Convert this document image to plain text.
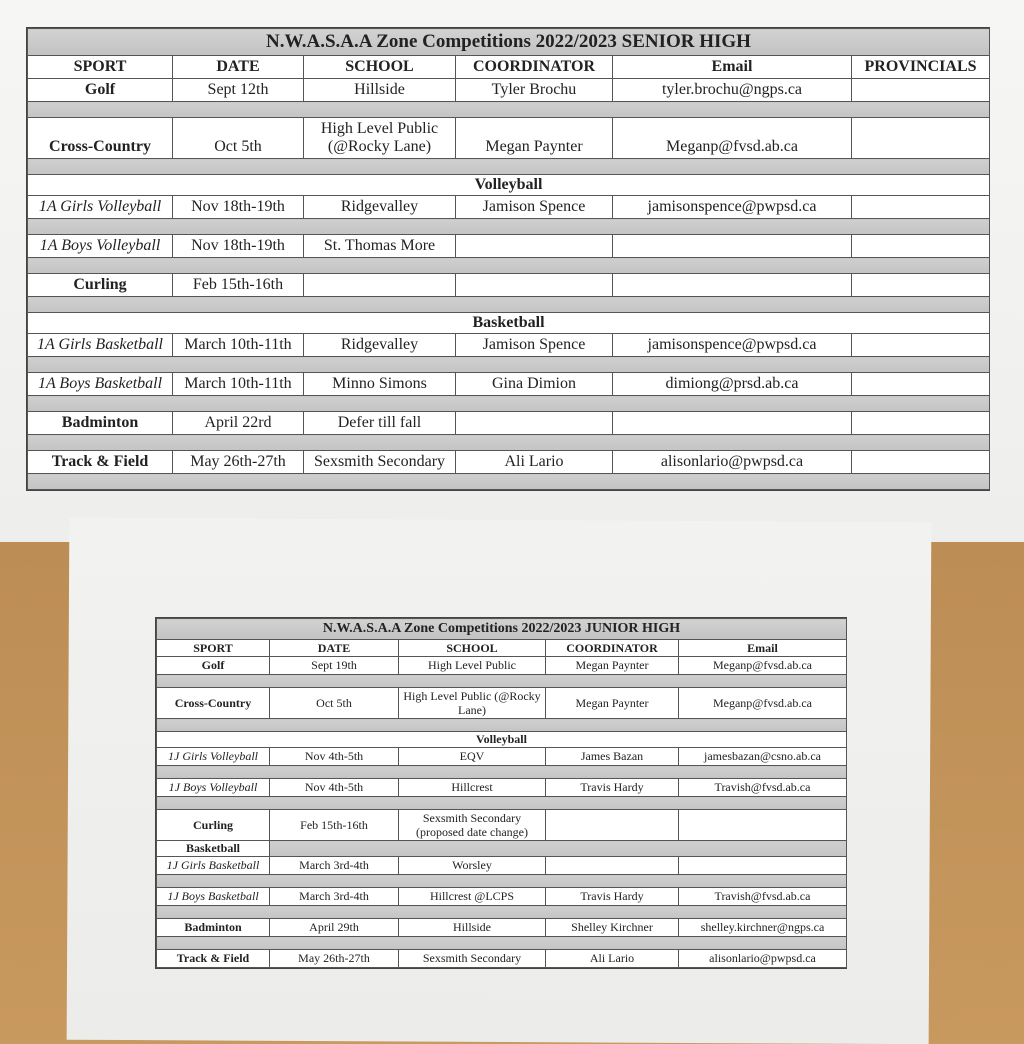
N.W.A.S.A.A Zone Competitions 2022/2023 SENIOR HIGH					
SPORT	DATE	SCHOOL	COORDINATOR	Email	PROVINCIALS
Golf	Sept 12th	Hillside	Tyler Brochu	tyler.brochu@ngps.ca	

Cross-Country	Oct 5th	High Level Public (@Rocky Lane)	Megan Paynter	Meganp@fvsd.ab.ca	

Volleyball					
1A Girls Volleyball	Nov 18th-19th	Ridgevalley	Jamison Spence	jamisonspence@pwpsd.ca	

1A Boys Volleyball	Nov 18th-19th	St. Thomas More			

Curling	Feb 15th-16th				

Basketball					
1A Girls Basketball	March 10th-11th	Ridgevalley	Jamison Spence	jamisonspence@pwpsd.ca	

1A Boys Basketball	March 10th-11th	Minno Simons	Gina Dimion	dimiong@prsd.ab.ca	

Badminton	April 22rd	Defer till fall			

Track & Field	May 26th-27th	Sexsmith Secondary	Ali Lario	alisonlario@pwpsd.ca	

N.W.A.S.A.A Zone Competitions 2022/2023 JUNIOR HIGH				
SPORT	DATE	SCHOOL	COORDINATOR	Email
Golf	Sept 19th	High Level Public	Megan Paynter	Meganp@fvsd.ab.ca

Cross-Country	Oct 5th	High Level Public (@Rocky Lane)	Megan Paynter	Meganp@fvsd.ab.ca

Volleyball				
1J Girls Volleyball	Nov 4th-5th	EQV	James Bazan	jamesbazan@csno.ab.ca

1J Boys Volleyball	Nov 4th-5th	Hillcrest	Travis Hardy	Travish@fvsd.ab.ca

Curling	Feb 15th-16th	Sexsmith Secondary (proposed date change)		
Basketball				
1J Girls Basketball	March 3rd-4th	Worsley		

1J Boys Basketball	March 3rd-4th	Hillcrest @LCPS	Travis Hardy	Travish@fvsd.ab.ca

Badminton	April 29th	Hillside	Shelley Kirchner	shelley.kirchner@ngps.ca

Track & Field	May 26th-27th	Sexsmith Secondary	Ali Lario	alisonlario@pwpsd.ca
